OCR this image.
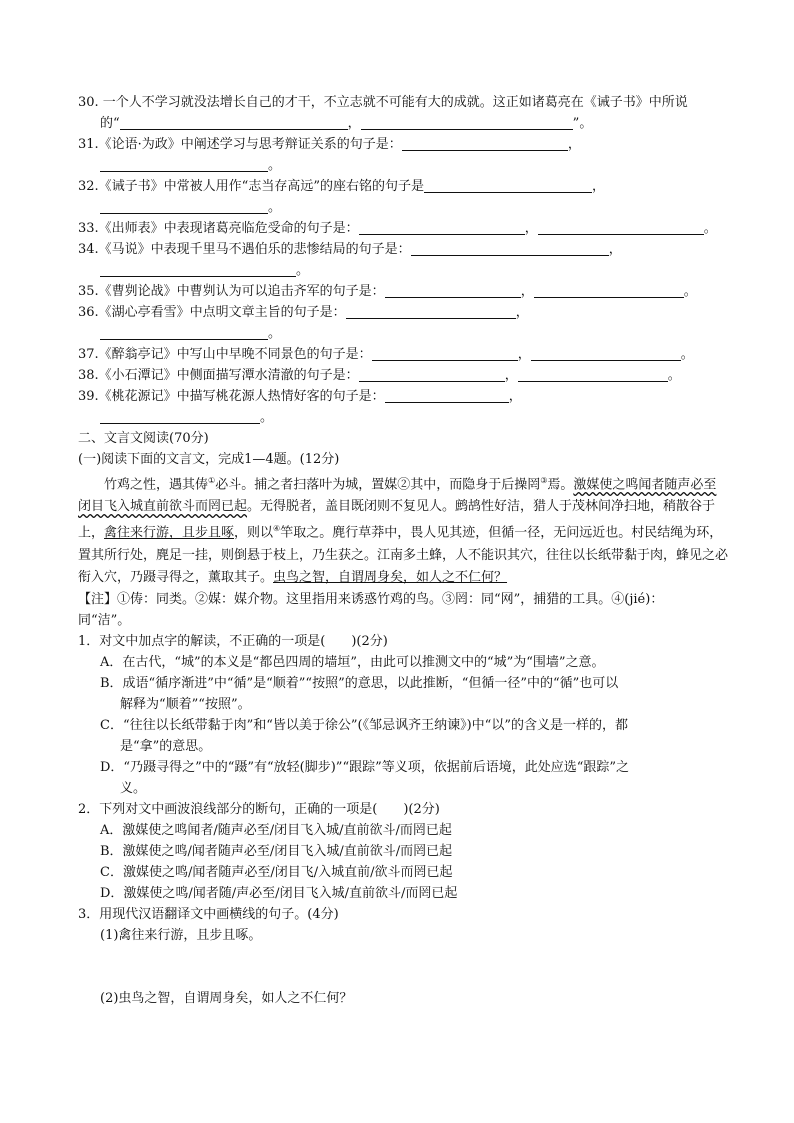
30. 一个人不学习就没法增长自己的才干，不立志就不可能有大的成就。这正如诸葛亮在《诫子书》中所说
的“	，	”。
31.《论语·为政》中阐述学习与思考辩证关系的句子是：	，
。
32.《诫子书》中常被人用作“志当存高远”的座右铭的句子是	，
。
33.《出师表》中表现诸葛亮临危受命的句子是：	，	。
34.《马说》中表现千里马不遇伯乐的悲惨结局的句子是：	，
。
35.《曹刿论战》中曹刿认为可以追击齐军的句子是：	，	。
36.《湖心亭看雪》中点明文章主旨的句子是：	，
。
37.《醉翁亭记》中写山中早晚不同景色的句子是：	，	。
38.《小石潭记》中侧面描写潭水清澈的句子是：	，	。
39.《桃花源记》中描写桃花源人热情好客的句子是：	，
。
二、文言文阅读(70分)
(一)阅读下面的文言文，完成1—4题。(12分)
竹鸡之性，遇其俦①必斗。捕之者扫落叶为城，置媒②其中，而隐身于后操罔③焉。激媒使之鸣闻者随声必至闭目飞入城直前欲斗而罔已起。无得脱者，盖目既闭则不复见人。鹧鸪性好洁，猎人于茂林间净扫地，稍散谷于上，禽往来行游，且步且啄，则以④竿取之。麂行草莽中，畏人见其迹，但循一径，无问远近也。村民结绳为环，置其所行处，麂足一挂，则倒悬于枝上，乃生获之。江南多土蜂，人不能识其穴，往往以长纸带黏于肉，蜂见之必衔入穴，乃蹑寻得之，薰取其子。虫鸟之智，自谓周身矣，如人之不仁何？
【注】①俦：同类。②媒：媒介物。这里指用来诱惑竹鸡的鸟。③罔：同“网”，捕猎的工具。④(jié)：
同“洁”。
1．对文中加点字的解读，不正确的一项是(　　)(2分)
A．在古代，“城”的本义是“都邑四周的墙垣”，由此可以推测文中的“城”为“围墙”之意。
B．成语“循序渐进”中“循”是“顺着”“按照”的意思，以此推断，“但循一径”中的“循”也可以
解释为“顺着”“按照”。
C．“往往以长纸带黏于肉”和“皆以美于徐公”(《邹忌讽齐王纳谏》)中“以”的含义是一样的，都
是“拿”的意思。
D．“乃蹑寻得之”中的“蹑”有“放轻(脚步)”“跟踪”等义项，依据前后语境，此处应选“跟踪”之
义。
2．下列对文中画波浪线部分的断句，正确的一项是(　　)(2分)
A．激媒使之鸣闻者/随声必至/闭目飞入城/直前欲斗/而罔已起
B．激媒使之鸣/闻者随声必至/闭目飞入城/直前欲斗/而罔已起
C．激媒使之鸣/闻者随声必至/闭目飞/入城直前/欲斗而罔已起
D．激媒使之鸣/闻者随/声必至/闭目飞入城/直前欲斗/而罔已起
3．用现代汉语翻译文中画横线的句子。(4分)
(1)禽往来行游，且步且啄。
(2)虫鸟之智，自谓周身矣，如人之不仁何？
